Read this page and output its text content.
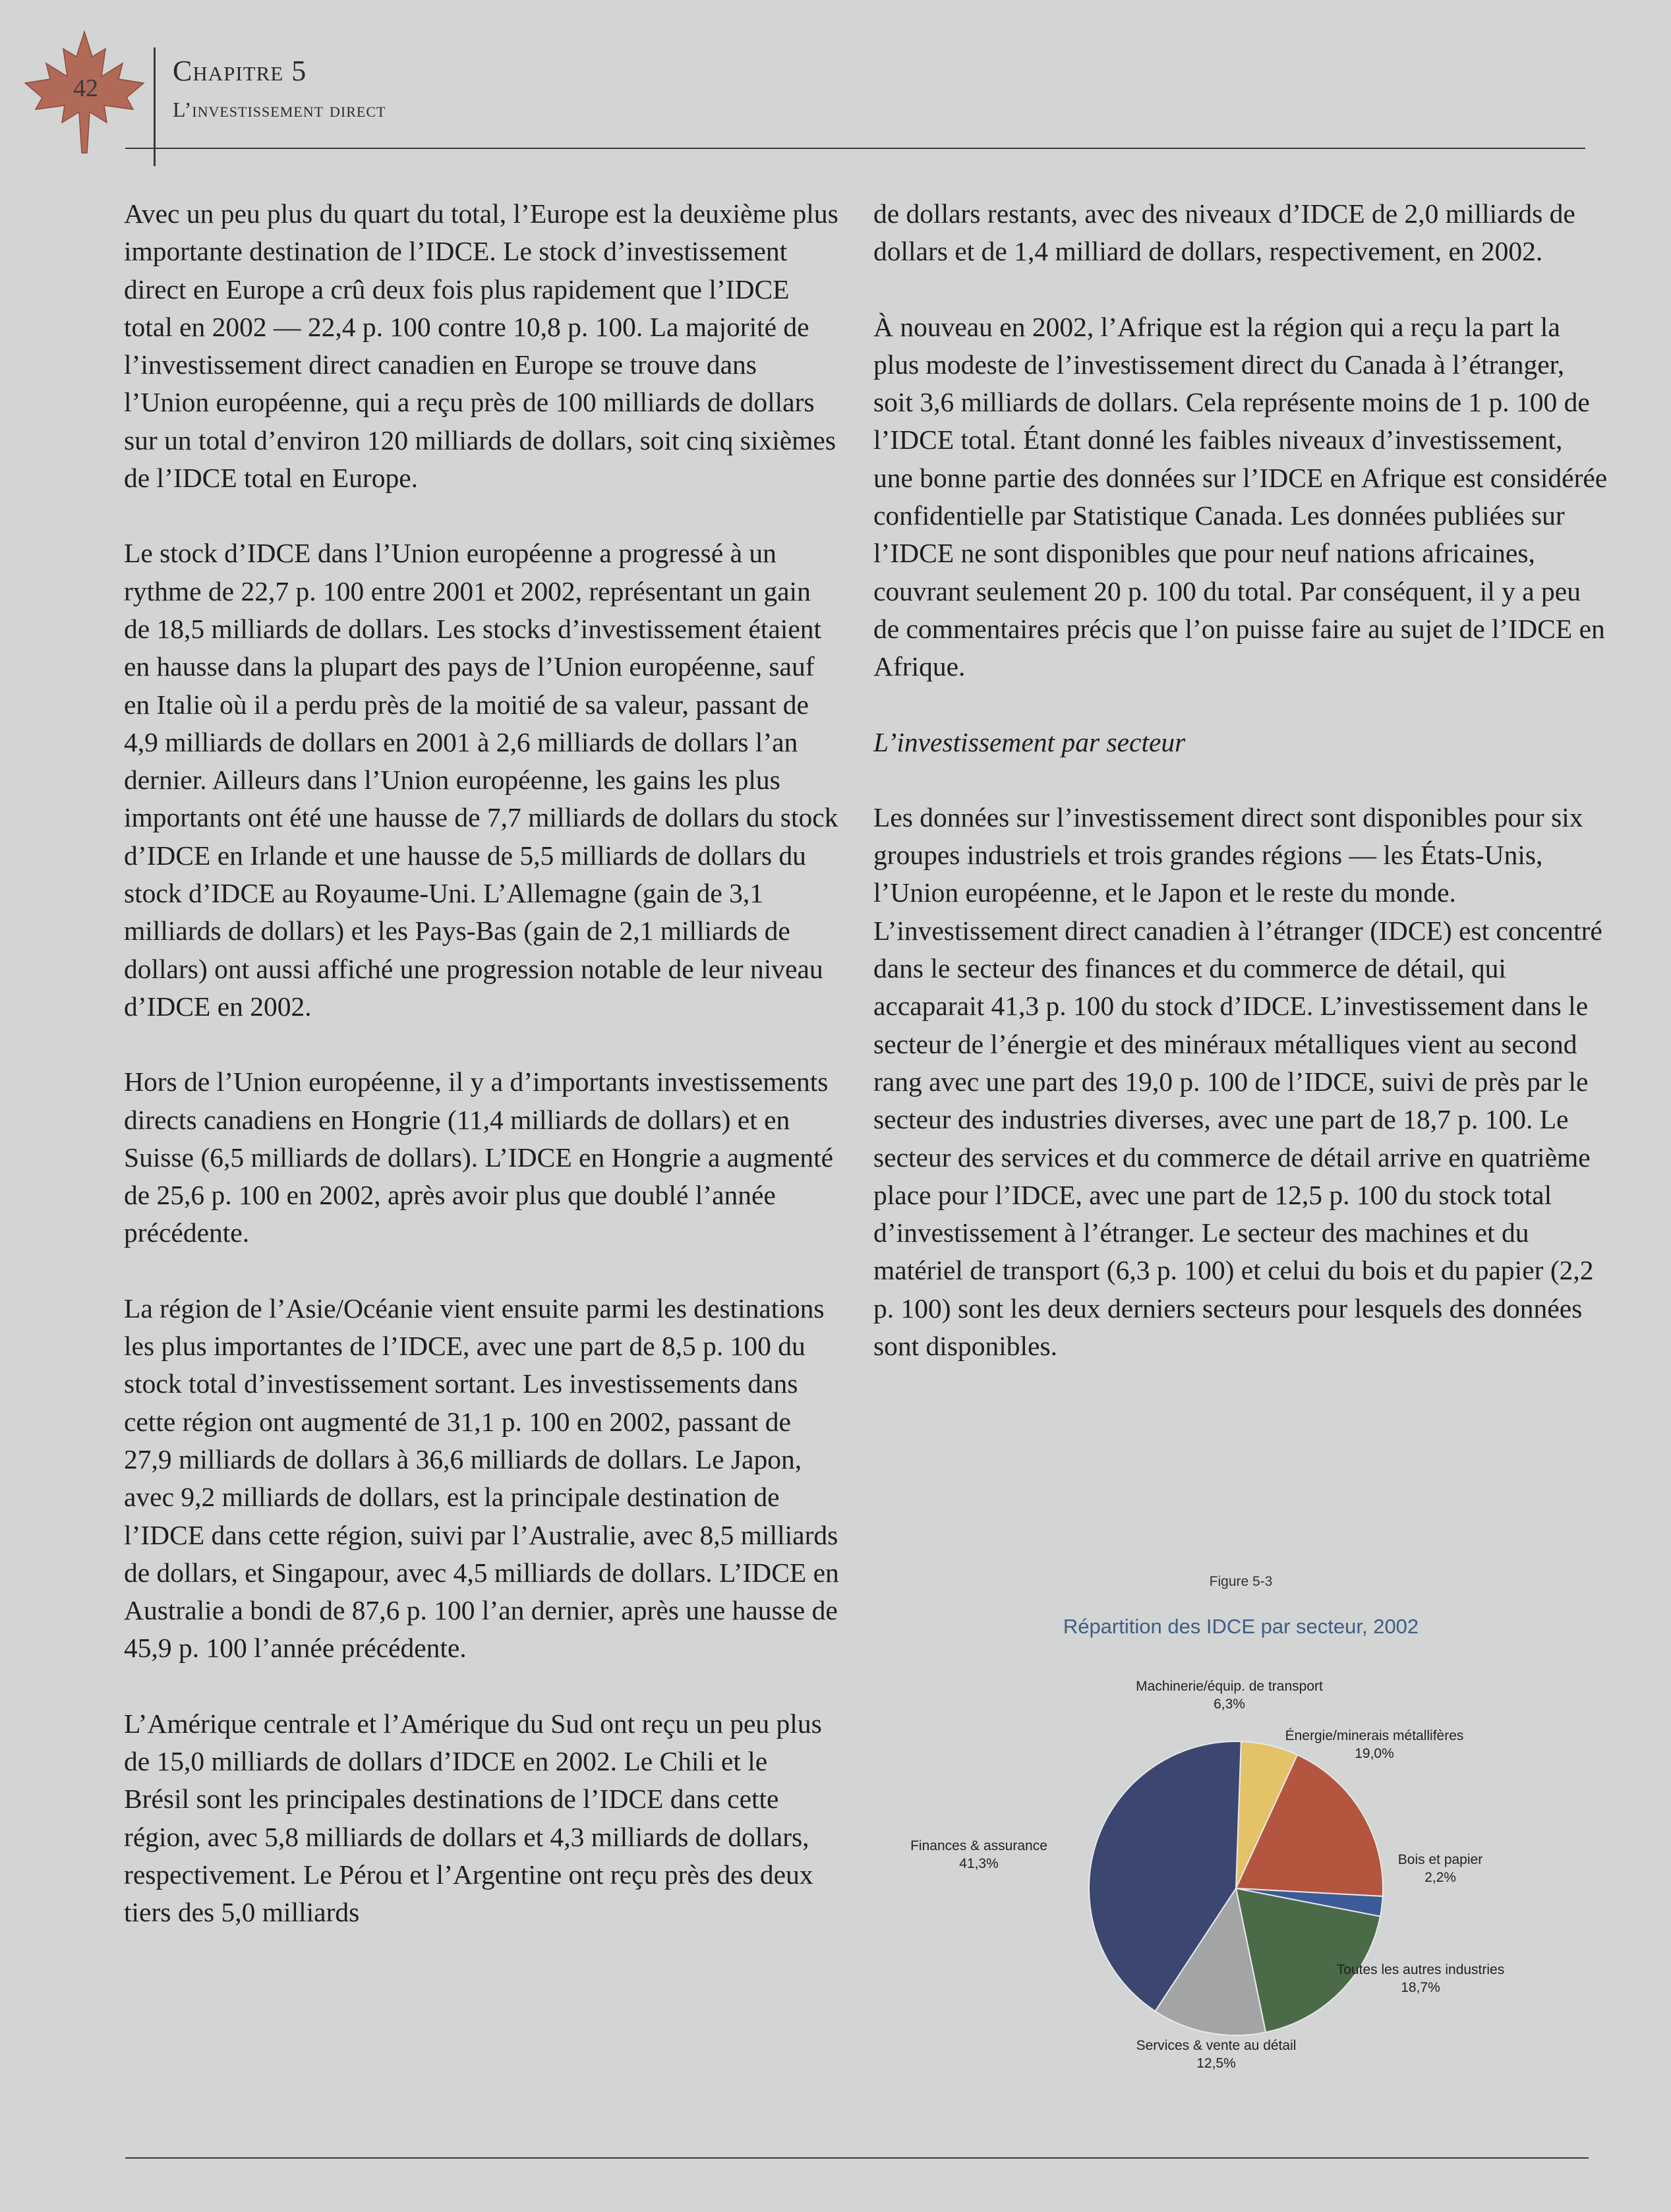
42
Chapitre 5
L’investissement direct

Avec un peu plus du quart du total, l’Europe est la deuxième plus importante destination de l’IDCE. Le stock d’investissement direct en Europe a crû deux fois plus rapidement que l’IDCE total en 2002 — 22,4 p. 100 contre 10,8 p. 100. La majorité de l’investissement direct canadien en Europe se trouve dans l’Union européenne, qui a reçu près de 100 milliards de dollars sur un total d’environ 120 milliards de dollars, soit cinq sixièmes de l’IDCE total en Europe.

Le stock d’IDCE dans l’Union européenne a progressé à un rythme de 22,7 p. 100 entre 2001 et 2002, représentant un gain de 18,5 milliards de dollars. Les stocks d’investissement étaient en hausse dans la plupart des pays de l’Union européenne, sauf en Italie où il a perdu près de la moitié de sa valeur, passant de 4,9 milliards de dollars en 2001 à 2,6 milliards de dollars l’an dernier. Ailleurs dans l’Union européenne, les gains les plus importants ont été une hausse de 7,7 milliards de dollars du stock d’IDCE en Irlande et une hausse de 5,5 milliards de dollars du stock d’IDCE au Royaume-Uni. L’Allemagne (gain de 3,1 milliards de dollars) et les Pays-Bas (gain de 2,1 milliards de dollars) ont aussi affiché une progression notable de leur niveau d’IDCE en 2002.

Hors de l’Union européenne, il y a d’importants investissements directs canadiens en Hongrie (11,4 milliards de dollars) et en Suisse (6,5 milliards de dollars). L’IDCE en Hongrie a augmenté de 25,6 p. 100 en 2002, après avoir plus que doublé l’année précédente.

La région de l’Asie/Océanie vient ensuite parmi les destinations les plus importantes de l’IDCE, avec une part de 8,5 p. 100 du stock total d’investissement sortant. Les investissements dans cette région ont augmenté de 31,1 p. 100 en 2002, passant de 27,9 milliards de dollars à 36,6 milliards de dollars. Le Japon, avec 9,2 milliards de dollars, est la principale destination de l’IDCE dans cette région, suivi par l’Australie, avec 8,5 milliards de dollars, et Singapour, avec 4,5 milliards de dollars. L’IDCE en Australie a bondi de 87,6 p. 100 l’an dernier, après une hausse de 45,9 p. 100 l’année précédente.

L’Amérique centrale et l’Amérique du Sud ont reçu un peu plus de 15,0 milliards de dollars d’IDCE en 2002. Le Chili et le Brésil sont les principales destinations de l’IDCE dans cette région, avec 5,8 milliards de dollars et 4,3 milliards de dollars, respectivement. Le Pérou et l’Argentine ont reçu près des deux tiers des 5,0 milliards

de dollars restants, avec des niveaux d’IDCE de 2,0 milliards de dollars et de 1,4 milliard de dollars, respectivement, en 2002.

À nouveau en 2002, l’Afrique est la région qui a reçu la part la plus modeste de l’investissement direct du Canada à l’étranger, soit 3,6 milliards de dollars. Cela représente moins de 1 p. 100 de l’IDCE total. Étant donné les faibles niveaux d’investissement, une bonne partie des données sur l’IDCE en Afrique est considérée confidentielle par Statistique Canada. Les données publiées sur l’IDCE ne sont disponibles que pour neuf nations africaines, couvrant seulement 20 p. 100 du total. Par conséquent, il y a peu de commentaires précis que l’on puisse faire au sujet de l’IDCE en Afrique.

L’investissement par secteur

Les données sur l’investissement direct sont disponibles pour six groupes industriels et trois grandes régions — les États-Unis, l’Union européenne, et le Japon et le reste du monde. L’investissement direct canadien à l’étranger (IDCE) est concentré dans le secteur des finances et du commerce de détail, qui accaparait 41,3 p. 100 du stock d’IDCE. L’investissement dans le secteur de l’énergie et des minéraux métalliques vient au second rang avec une part des 19,0 p. 100 de l’IDCE, suivi de près par le secteur des industries diverses, avec une part de 18,7 p. 100. Le secteur des services et du commerce de détail arrive en quatrième place pour l’IDCE, avec une part de 12,5 p. 100 du stock total d’investissement à l’étranger. Le secteur des machines et du matériel de transport (6,3 p. 100) et celui du bois et du papier (2,2 p. 100) sont les deux derniers secteurs pour lesquels des données sont disponibles.

Figure 5-3
Répartition des IDCE par secteur, 2002
Machinerie/équip. de transport
6,3%
Énergie/minerais métallifères
19,0%
Bois et papier
2,2%
Toutes les autres industries
18,7%
Services & vente au détail
12,5%
Finances & assurance
41,3%
